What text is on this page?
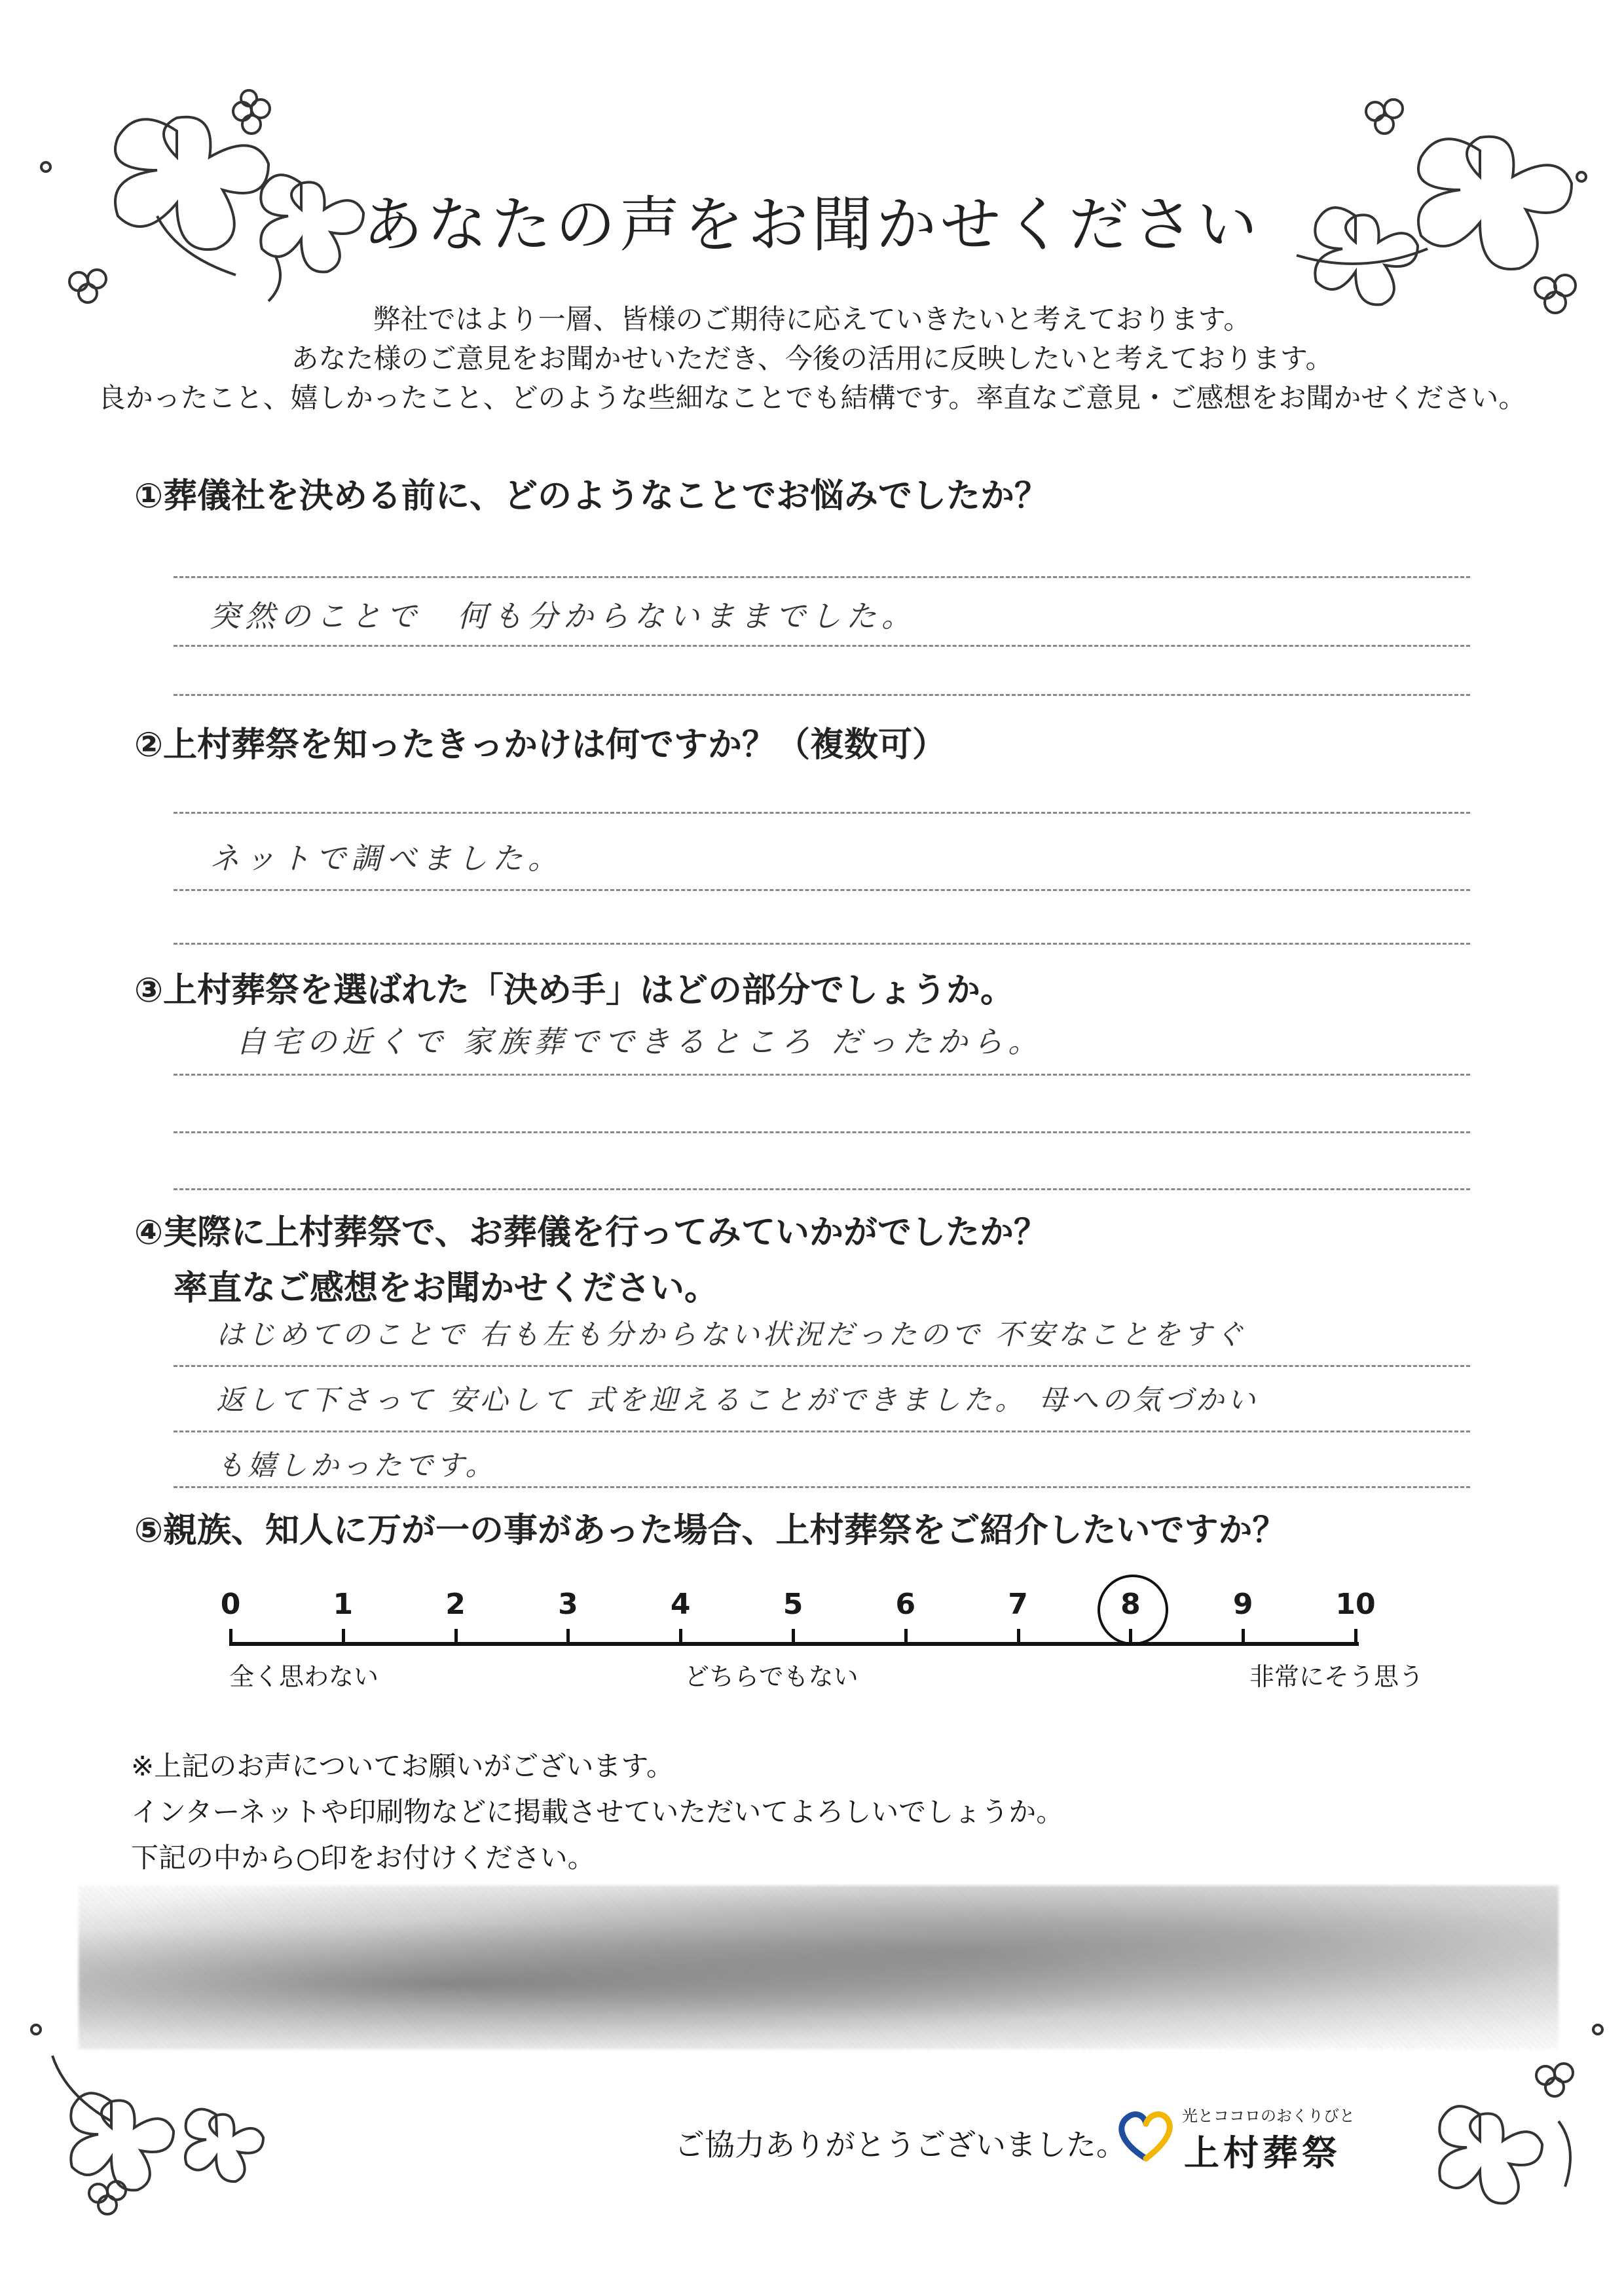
あなたの声をお聞かせください
弊社ではより一層、皆様のご期待に応えていきたいと考えております。
あなた様のご意見をお聞かせいただき、今後の活用に反映したいと考えております。
良かったこと、嬉しかったこと、どのような些細なことでも結構です。率直なご意見・ご感想をお聞かせください。
①葬儀社を決める前に、どのようなことでお悩みでしたか？
突然のことで　何も分からないままでした。
②上村葬祭を知ったきっかけは何ですか？（複数可）
ネットで調べました。
③上村葬祭を選ばれた「決め手」はどの部分でしょうか。
自宅の近くで 家族葬でできるところ だったから。
④実際に上村葬祭で、お葬儀を行ってみていかがでしたか？
率直なご感想をお聞かせください。
はじめてのことで 右も左も分からない状況だったので 不安なことをすぐ
返して下さって 安心して 式を迎えることができました。 母への気づかい
も嬉しかったです。
⑤親族、知人に万が一の事があった場合、上村葬祭をご紹介したいですか？
0	1	2	3	4	5	6	7	8	9	10
全く思わない	どちらでもない	非常にそう思う
※上記のお声についてお願いがございます。
インターネットや印刷物などに掲載させていただいてよろしいでしょうか。
下記の中から○印をお付けください。
ご協力ありがとうございました。
光とココロのおくりびと
上村葬祭
